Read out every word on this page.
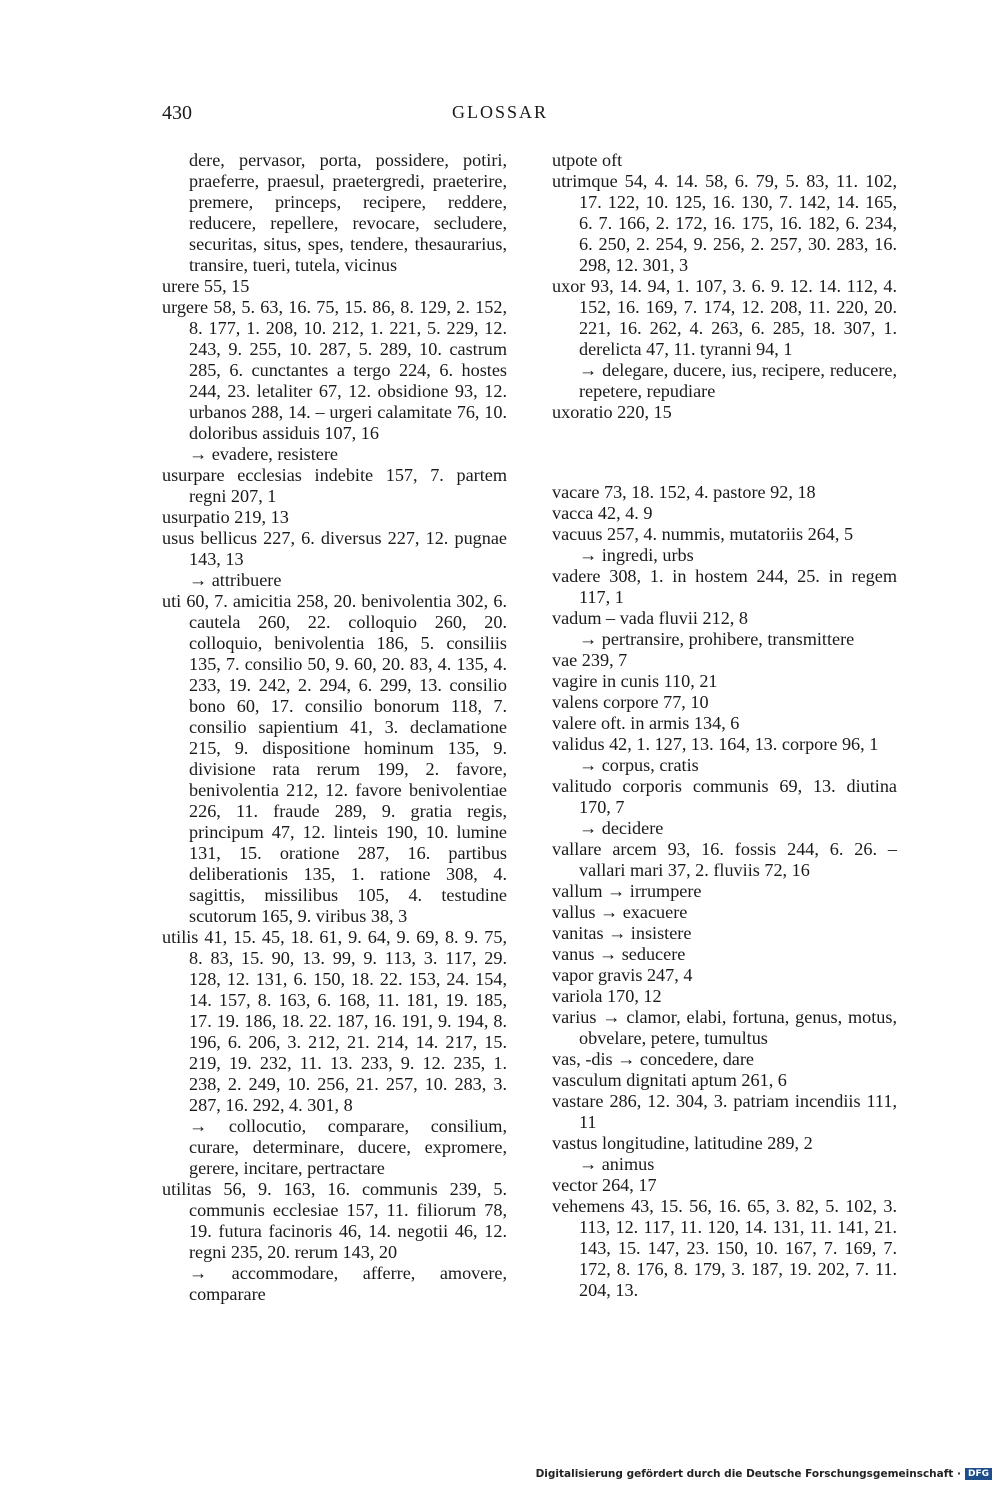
430	GLOSSAR

dere, pervasor, porta, possidere, potiri, praeferre, praesul, praetergredi, praeterire, premere, princeps, recipere, reddere, reducere, repellere, revocare, secludere, securitas, situs, spes, tendere, thesaurarius, transire, tueri, tutela, vicinus

urere 55, 15

urgere 58, 5. 63, 16. 75, 15. 86, 8. 129, 2. 152, 8. 177, 1. 208, 10. 212, 1. 221, 5. 229, 12. 243, 9. 255, 10. 287, 5. 289, 10. castrum 285, 6. cunctantes a tergo 224, 6. hostes 244, 23. letaliter 67, 12. obsidione 93, 12. urbanos 288, 14. – urgeri calamitate 76, 10. doloribus assiduis 107, 16

→ evadere, resistere

usurpare ecclesias indebite 157, 7. partem regni 207, 1

usurpatio 219, 13

usus bellicus 227, 6. diversus 227, 12. pugnae 143, 13

→ attribuere

uti 60, 7. amicitia 258, 20. benivolentia 302, 6. cautela 260, 22. colloquio 260, 20. colloquio, benivolentia 186, 5. consiliis 135, 7. consilio 50, 9. 60, 20. 83, 4. 135, 4. 233, 19. 242, 2. 294, 6. 299, 13. consilio bono 60, 17. consilio bonorum 118, 7. consilio sapientium 41, 3. declamatione 215, 9. dispositione hominum 135, 9. divisione rata rerum 199, 2. favore, benivolentia 212, 12. favore benivolentiae 226, 11. fraude 289, 9. gratia regis, principum 47, 12. linteis 190, 10. lumine 131, 15. oratione 287, 16. partibus deliberationis 135, 1. ratione 308, 4. sagittis, missilibus 105, 4. testudine scutorum 165, 9. viribus 38, 3

utilis 41, 15. 45, 18. 61, 9. 64, 9. 69, 8. 9. 75, 8. 83, 15. 90, 13. 99, 9. 113, 3. 117, 29. 128, 12. 131, 6. 150, 18. 22. 153, 24. 154, 14. 157, 8. 163, 6. 168, 11. 181, 19. 185, 17. 19. 186, 18. 22. 187, 16. 191, 9. 194, 8. 196, 6. 206, 3. 212, 21. 214, 14. 217, 15. 219, 19. 232, 11. 13. 233, 9. 12. 235, 1. 238, 2. 249, 10. 256, 21. 257, 10. 283, 3. 287, 16. 292, 4. 301, 8

→ collocutio, comparare, consilium, curare, determinare, ducere, expromere, gerere, incitare, pertractare

utilitas 56, 9. 163, 16. communis 239, 5. communis ecclesiae 157, 11. filiorum 78, 19. futura facinoris 46, 14. negotii 46, 12. regni 235, 20. rerum 143, 20

→ accommodare, afferre, amovere, comparare

utpote oft

utrimque 54, 4. 14. 58, 6. 79, 5. 83, 11. 102, 17. 122, 10. 125, 16. 130, 7. 142, 14. 165, 6. 7. 166, 2. 172, 16. 175, 16. 182, 6. 234, 6. 250, 2. 254, 9. 256, 2. 257, 30. 283, 16. 298, 12. 301, 3

uxor 93, 14. 94, 1. 107, 3. 6. 9. 12. 14. 112, 4. 152, 16. 169, 7. 174, 12. 208, 11. 220, 20. 221, 16. 262, 4. 263, 6. 285, 18. 307, 1. derelicta 47, 11. tyranni 94, 1

→ delegare, ducere, ius, recipere, reducere, repetere, repudiare

uxoratio 220, 15

vacare 73, 18. 152, 4. pastore 92, 18

vacca 42, 4. 9

vacuus 257, 4. nummis, mutatoriis 264, 5

→ ingredi, urbs

vadere 308, 1. in hostem 244, 25. in regem 117, 1

vadum – vada fluvii 212, 8

→ pertransire, prohibere, transmittere

vae 239, 7

vagire in cunis 110, 21

valens corpore 77, 10

valere oft. in armis 134, 6

validus 42, 1. 127, 13. 164, 13. corpore 96, 1

→ corpus, cratis

valitudo corporis communis 69, 13. diutina 170, 7

→ decidere

vallare arcem 93, 16. fossis 244, 6. 26. – vallari mari 37, 2. fluviis 72, 16

vallum → irrumpere

vallus → exacuere

vanitas → insistere

vanus → seducere

vapor gravis 247, 4

variola 170, 12

varius → clamor, elabi, fortuna, genus, motus, obvelare, petere, tumultus

vas, -dis → concedere, dare

vasculum dignitati aptum 261, 6

vastare 286, 12. 304, 3. patriam incendiis 111, 11

vastus longitudine, latitudine 289, 2

→ animus

vector 264, 17

vehemens 43, 15. 56, 16. 65, 3. 82, 5. 102, 3. 113, 12. 117, 11. 120, 14. 131, 11. 141, 21. 143, 15. 147, 23. 150, 10. 167, 7. 169, 7. 172, 8. 176, 8. 179, 3. 187, 19. 202, 7. 11. 204, 13.

Digitalisierung gefördert durch die Deutsche Forschungsgemeinschaft · DFG
